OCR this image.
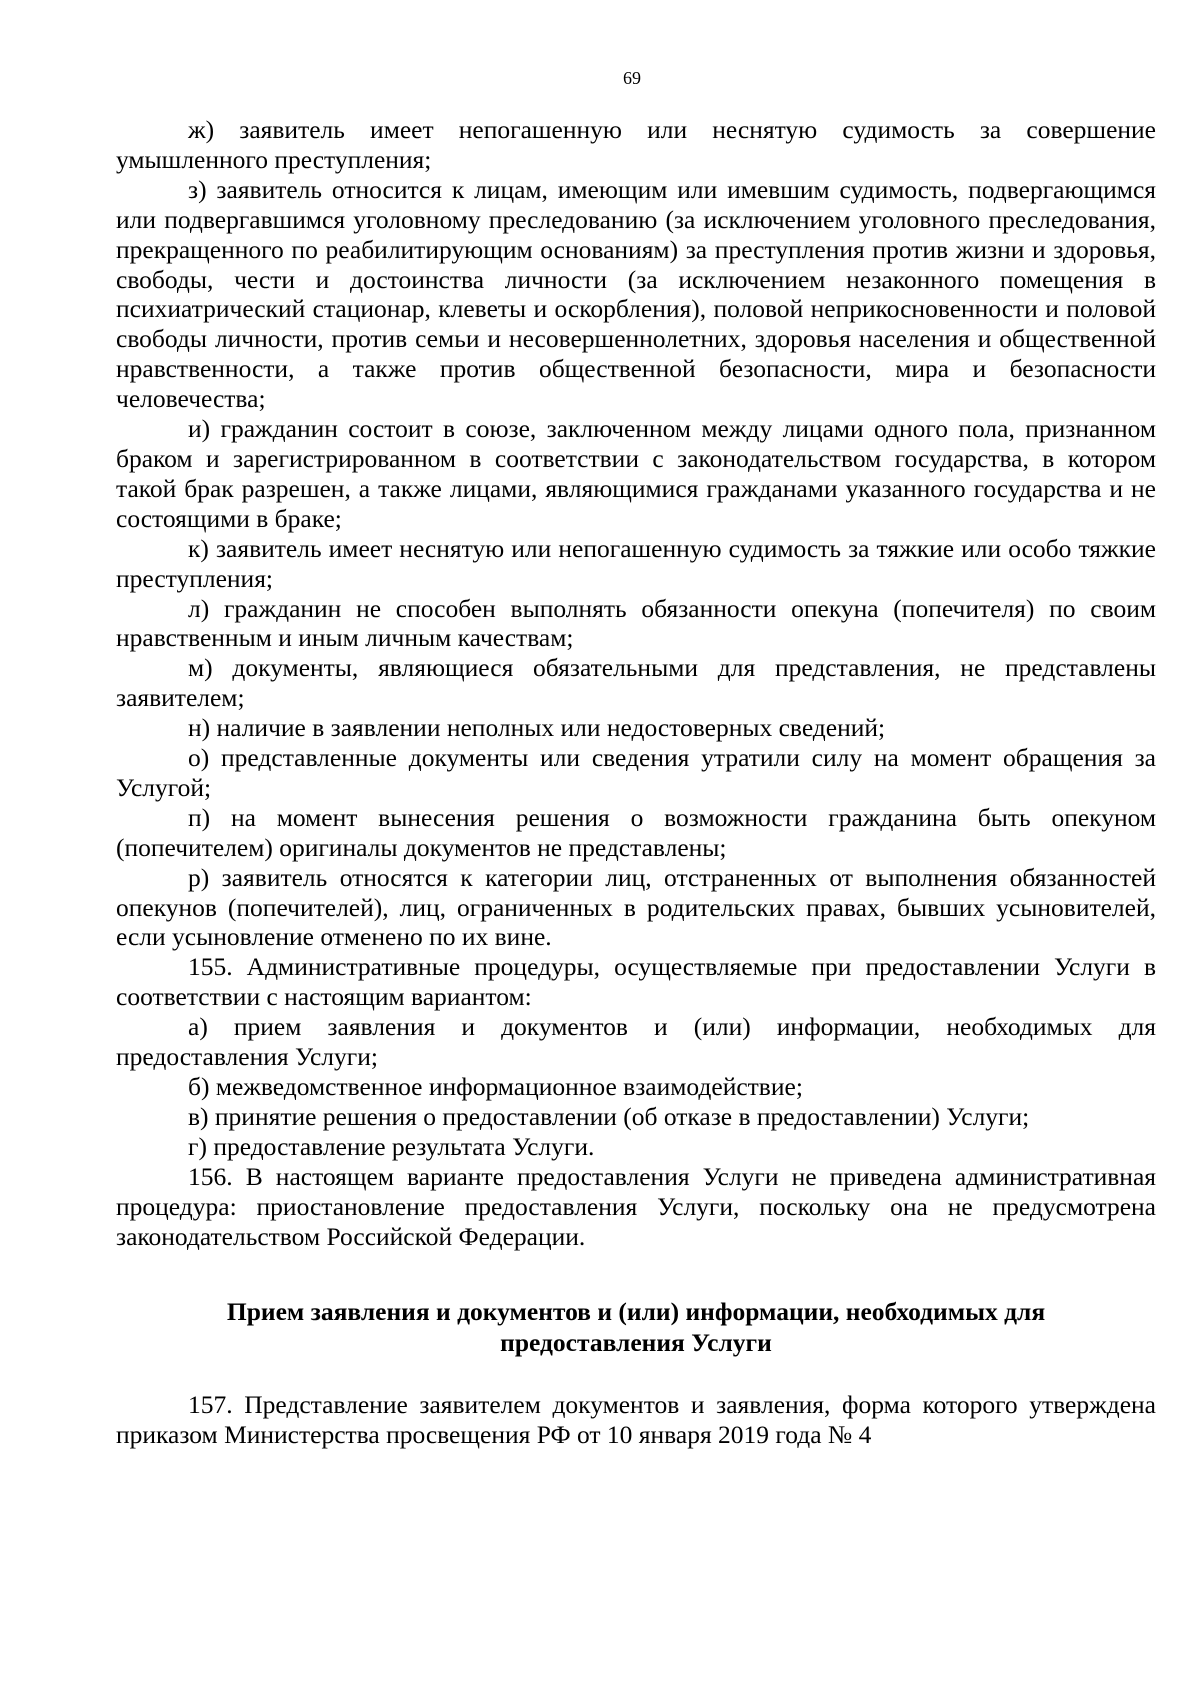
69

ж) заявитель имеет непогашенную или неснятую судимость за совершение умышленного преступления;

з) заявитель относится к лицам, имеющим или имевшим судимость, подвергающимся или подвергавшимся уголовному преследованию (за исключением уголовного преследования, прекращенного по реабилитирующим основаниям) за преступления против жизни и здоровья, свободы, чести и достоинства личности (за исключением незаконного помещения в психиатрический стационар, клеветы и оскорбления), половой неприкосновенности и половой свободы личности, против семьи и несовершеннолетних, здоровья населения и общественной нравственности, а также против общественной безопасности, мира и безопасности человечества;

и) гражданин состоит в союзе, заключенном между лицами одного пола, признанном браком и зарегистрированном в соответствии с законодательством государства, в котором такой брак разрешен, а также лицами, являющимися гражданами указанного государства и не состоящими в браке;

к) заявитель имеет неснятую или непогашенную судимость за тяжкие или особо тяжкие преступления;

л) гражданин не способен выполнять обязанности опекуна (попечителя) по своим нравственным и иным личным качествам;

м) документы, являющиеся обязательными для представления, не представлены заявителем;

н) наличие в заявлении неполных или недостоверных сведений;

о) представленные документы или сведения утратили силу на момент обращения за Услугой;

п) на момент вынесения решения о возможности гражданина быть опекуном (попечителем) оригиналы документов не представлены;

р) заявитель относятся к категории лиц, отстраненных от выполнения обязанностей опекунов (попечителей), лиц, ограниченных в родительских правах, бывших усыновителей, если усыновление отменено по их вине.

155. Административные процедуры, осуществляемые при предоставлении Услуги в соответствии с настоящим вариантом:

а) прием заявления и документов и (или) информации, необходимых для предоставления Услуги;

б) межведомственное информационное взаимодействие;

в) принятие решения о предоставлении (об отказе в предоставлении) Услуги;

г) предоставление результата Услуги.

156. В настоящем варианте предоставления Услуги не приведена административная процедура: приостановление предоставления Услуги, поскольку она не предусмотрена законодательством Российской Федерации.

Прием заявления и документов и (или) информации, необходимых для предоставления Услуги

157. Представление заявителем документов и заявления, форма которого утверждена приказом Министерства просвещения РФ от 10 января 2019 года № 4
